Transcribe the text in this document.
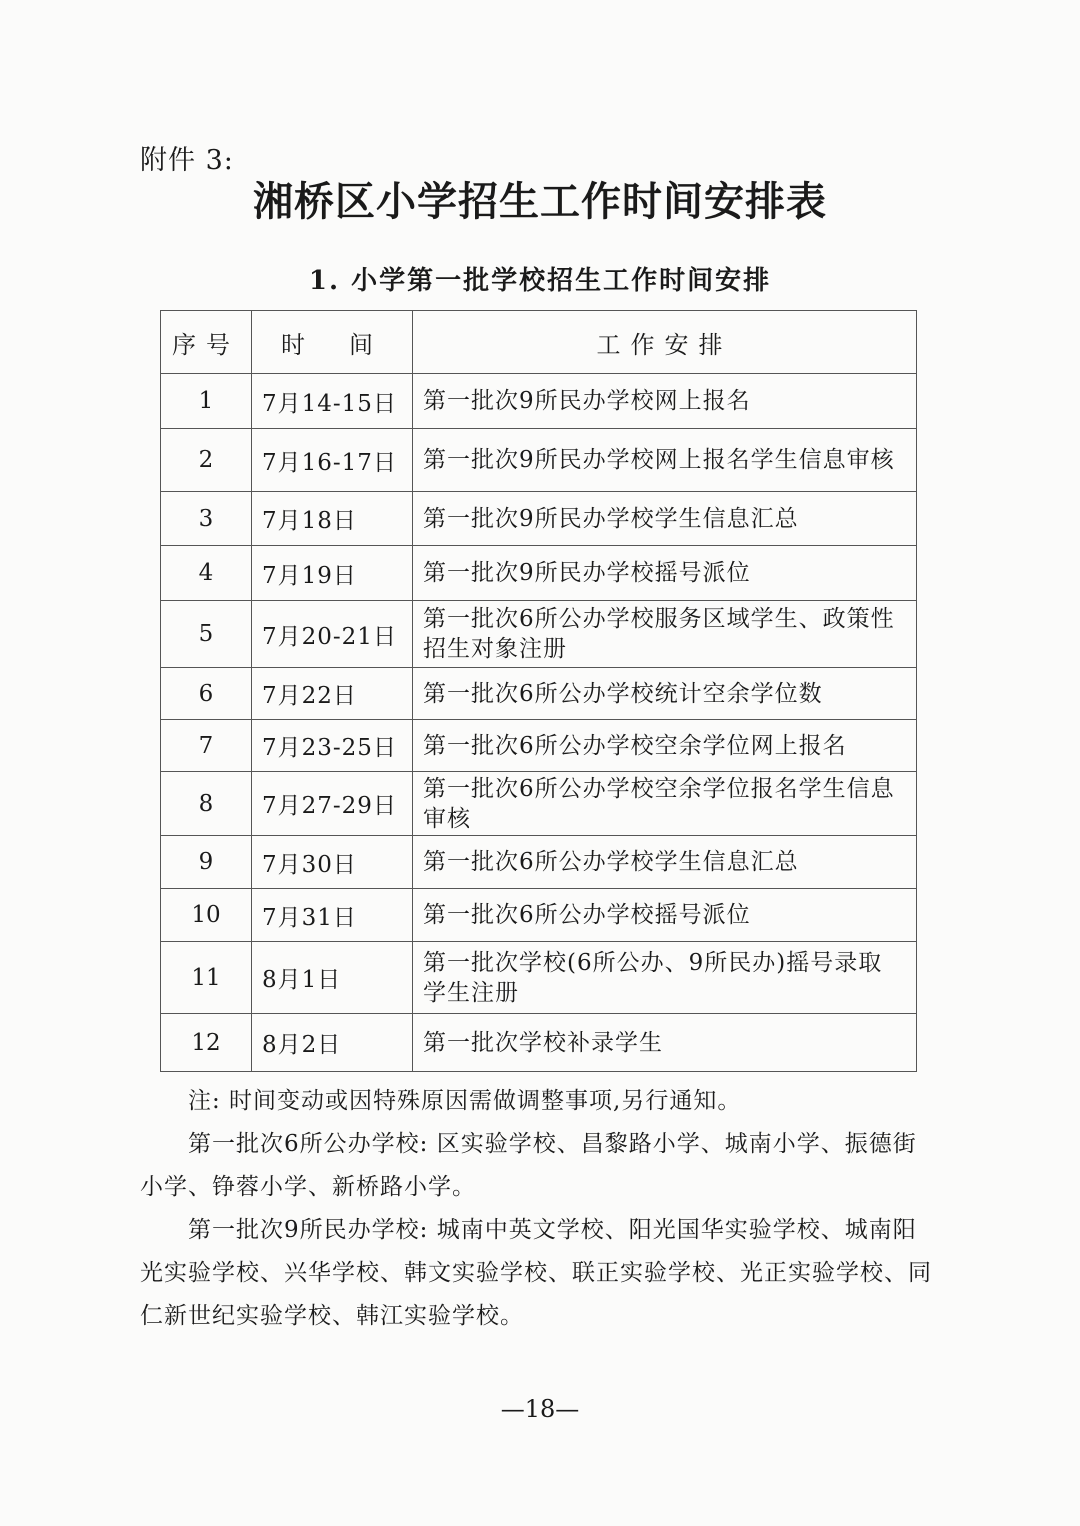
附件 3:
湘桥区小学招生工作时间安排表
1. 小学第一批学校招生工作时间安排
序号	时　间	工作安排
1	7月14-15日	第一批次9所民办学校网上报名
2	7月16-17日	第一批次9所民办学校网上报名学生信息审核
3	7月18日	第一批次9所民办学校学生信息汇总
4	7月19日	第一批次9所民办学校摇号派位
5	7月20-21日	第一批次6所公办学校服务区域学生、政策性招生对象注册
6	7月22日	第一批次6所公办学校统计空余学位数
7	7月23-25日	第一批次6所公办学校空余学位网上报名
8	7月27-29日	第一批次6所公办学校空余学位报名学生信息审核
9	7月30日	第一批次6所公办学校学生信息汇总
10	7月31日	第一批次6所公办学校摇号派位
11	8月1日	第一批次学校(6所公办、9所民办)摇号录取学生注册
12	8月2日	第一批次学校补录学生

注: 时间变动或因特殊原因需做调整事项,另行通知。

第一批次6所公办学校: 区实验学校、昌黎路小学、城南小学、振德街小学、铮蓉小学、新桥路小学。

第一批次9所民办学校: 城南中英文学校、阳光国华实验学校、城南阳光实验学校、兴华学校、韩文实验学校、联正实验学校、光正实验学校、同仁新世纪实验学校、韩江实验学校。

—18—
